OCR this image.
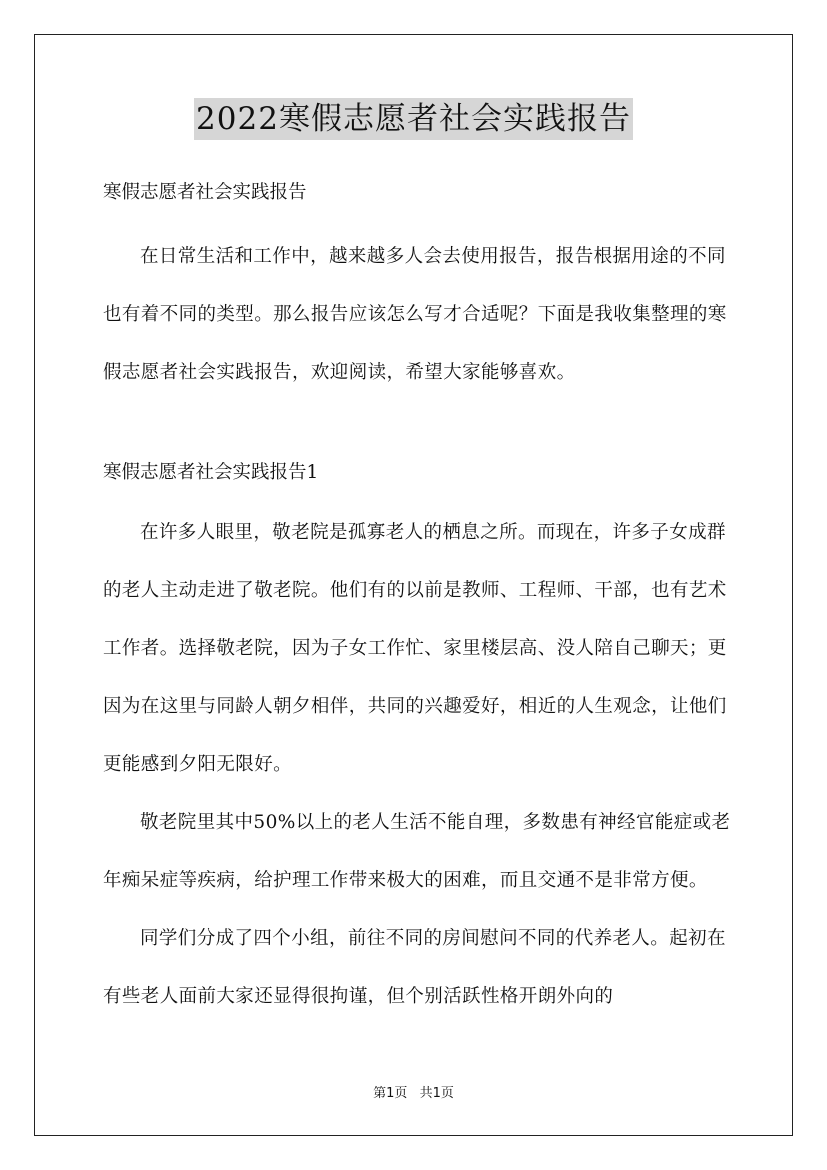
2022寒假志愿者社会实践报告
寒假志愿者社会实践报告

在日常生活和工作中，越来越多人会去使用报告，报告根据用途的不同也有着不同的类型。那么报告应该怎么写才合适呢？下面是我收集整理的寒假志愿者社会实践报告，欢迎阅读，希望大家能够喜欢。

寒假志愿者社会实践报告1

在许多人眼里，敬老院是孤寡老人的栖息之所。而现在，许多子女成群的老人主动走进了敬老院。他们有的以前是教师、工程师、干部，也有艺术工作者。选择敬老院，因为子女工作忙、家里楼层高、没人陪自己聊天；更因为在这里与同龄人朝夕相伴，共同的兴趣爱好，相近的人生观念，让他们更能感到夕阳无限好。

敬老院里其中50%以上的老人生活不能自理，多数患有神经官能症或老年痴呆症等疾病，给护理工作带来极大的困难，而且交通不是非常方便。

同学们分成了四个小组，前往不同的房间慰问不同的代养老人。起初在有些老人面前大家还显得很拘谨，但个别活跃性格开朗外向的

第1页 共1页
